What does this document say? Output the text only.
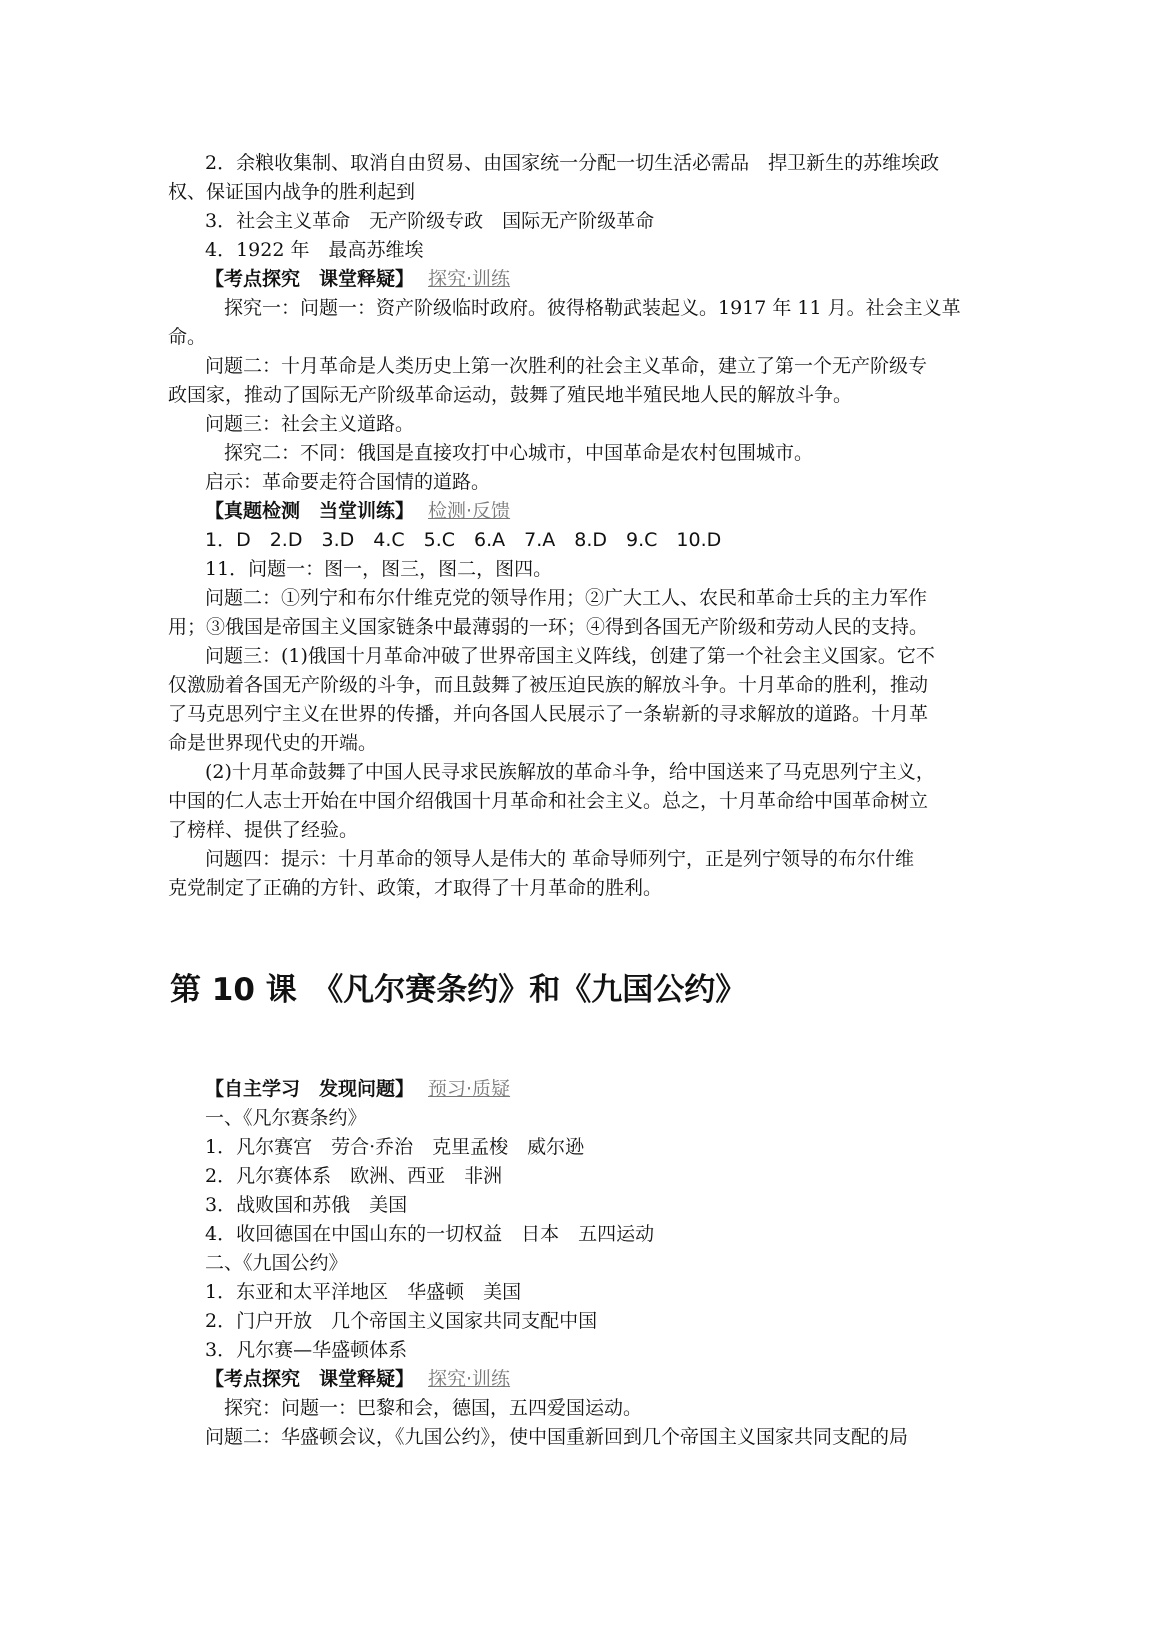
2．余粮收集制、取消自由贸易、由国家统一分配一切生活必需品　捍卫新生的苏维埃政

权、保证国内战争的胜利起到

3．社会主义革命　无产阶级专政　国际无产阶级革命

4．1922 年　最高苏维埃

【考点探究　课堂释疑】 探究·训练

探究一：问题一：资产阶级临时政府。彼得格勒武装起义。1917 年 11 月。社会主义革

命。

问题二：十月革命是人类历史上第一次胜利的社会主义革命，建立了第一个无产阶级专

政国家，推动了国际无产阶级革命运动，鼓舞了殖民地半殖民地人民的解放斗争。

问题三：社会主义道路。

探究二：不同：俄国是直接攻打中心城市，中国革命是农村包围城市。

启示：革命要走符合国情的道路。

【真题检测　当堂训练】 检测·反馈

1．D　2.D　3.D　4.C　5.C　6.A　7.A　8.D　9.C　10.D

11．问题一：图一，图三，图二，图四。

问题二：①列宁和布尔什维克党的领导作用；②广大工人、农民和革命士兵的主力军作

用；③俄国是帝国主义国家链条中最薄弱的一环；④得到各国无产阶级和劳动人民的支持。

问题三：(1)俄国十月革命冲破了世界帝国主义阵线，创建了第一个社会主义国家。它不

仅激励着各国无产阶级的斗争，而且鼓舞了被压迫民族的解放斗争。十月革命的胜利，推动

了马克思列宁主义在世界的传播，并向各国人民展示了一条崭新的寻求解放的道路。十月革

命是世界现代史的开端。

(2)十月革命鼓舞了中国人民寻求民族解放的革命斗争，给中国送来了马克思列宁主义，

中国的仁人志士开始在中国介绍俄国十月革命和社会主义。总之，十月革命给中国革命树立

了榜样、提供了经验。

问题四：提示：十月革命的领导人是伟大的 革命导师列宁，正是列宁领导的布尔什维

克党制定了正确的方针、政策，才取得了十月革命的胜利。

第 10 课　《凡尔赛条约》和《九国公约》

【自主学习　发现问题】 预习·质疑

一、《凡尔赛条约》

1．凡尔赛宫　劳合·乔治　克里孟梭　威尔逊

2．凡尔赛体系　欧洲、西亚　非洲

3．战败国和苏俄　美国

4．收回德国在中国山东的一切权益　日本　五四运动

二、《九国公约》

1．东亚和太平洋地区　华盛顿　美国

2．门户开放　几个帝国主义国家共同支配中国

3．凡尔赛—华盛顿体系

【考点探究　课堂释疑】 探究·训练

探究：问题一：巴黎和会，德国，五四爱国运动。

问题二：华盛顿会议，《九国公约》，使中国重新回到几个帝国主义国家共同支配的局
